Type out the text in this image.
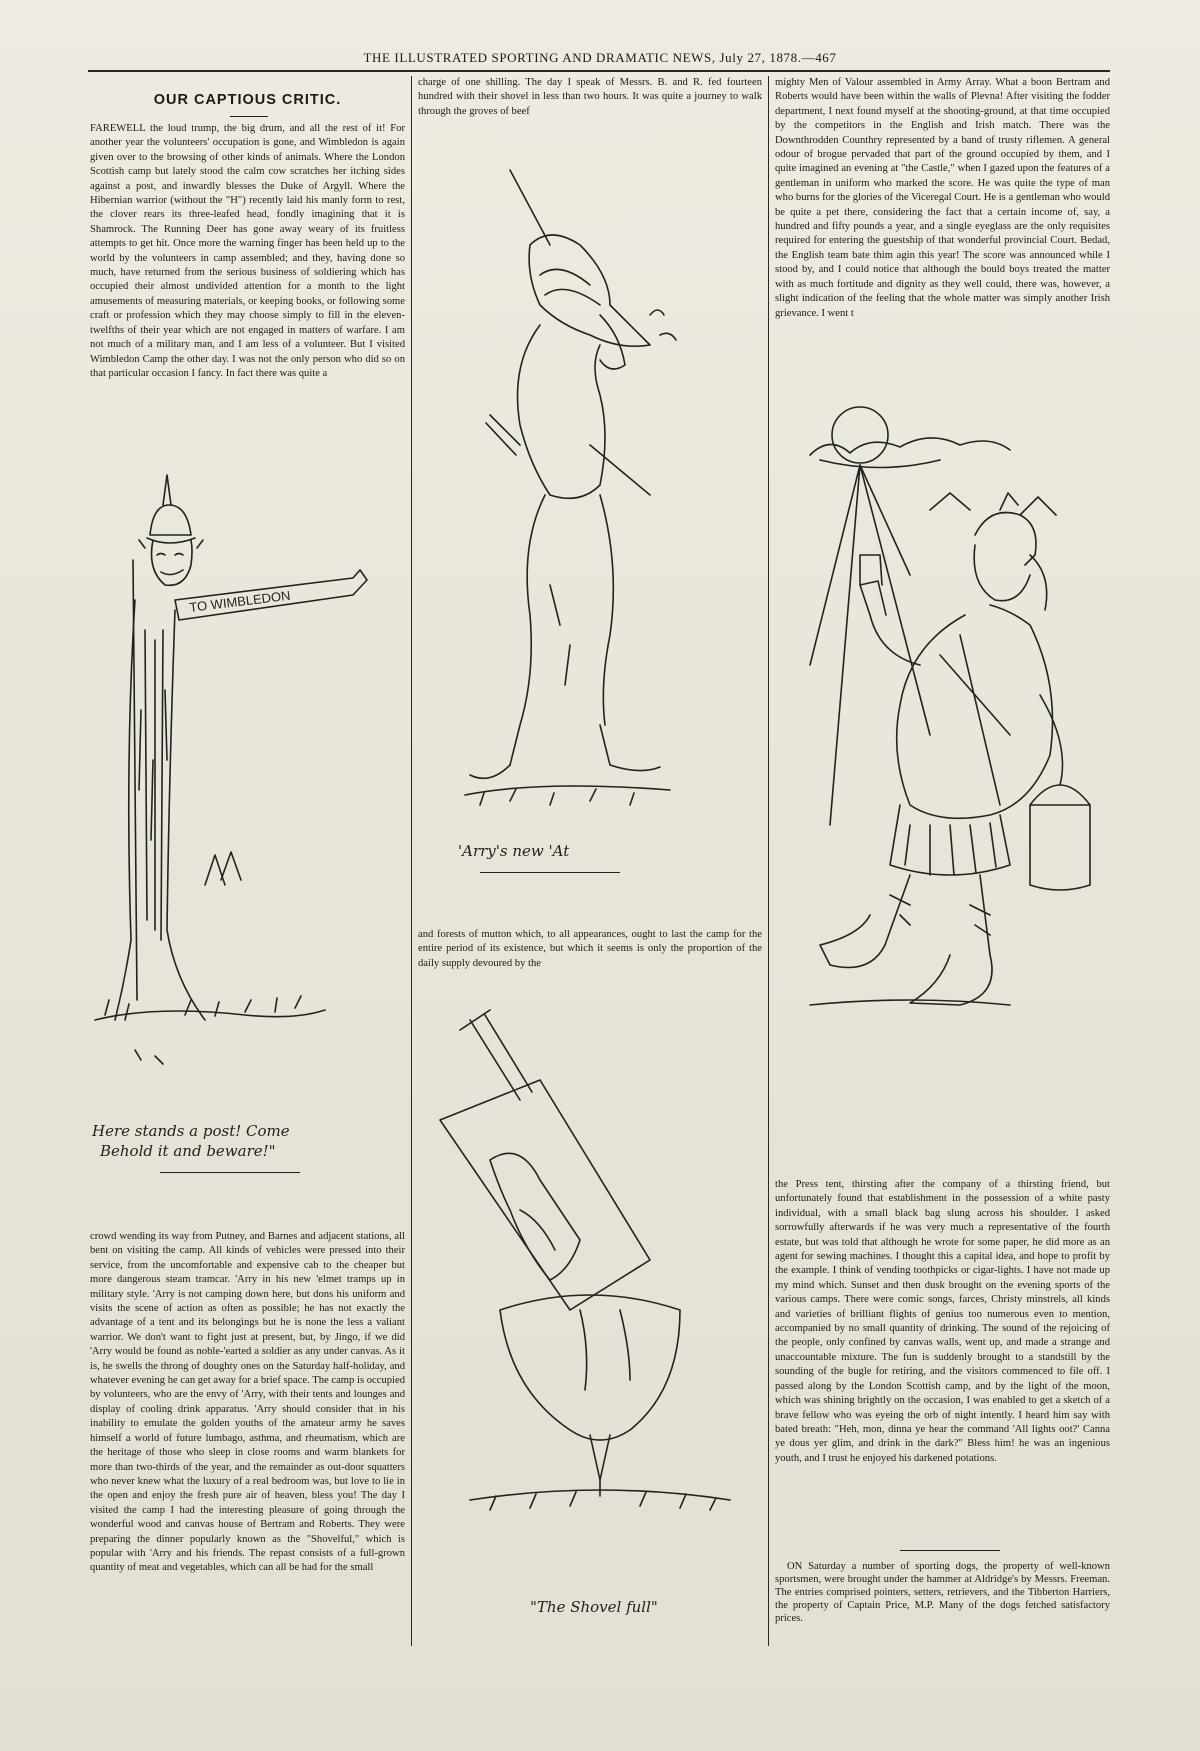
THE ILLUSTRATED SPORTING AND DRAMATIC NEWS, July 27, 1878.—467
OUR CAPTIOUS CRITIC.

FAREWELL the loud trump, the big drum, and all the rest of it! For another year the volunteers' occupation is gone, and Wimbledon is again given over to the browsing of other kinds of animals. Where the London Scottish camp but lately stood the calm cow scratches her itching sides against a post, and inwardly blesses the Duke of Argyll. Where the Hibernian warrior (without the "H") recently laid his manly form to rest, the clover rears its three-leafed head, fondly imagining that it is Shamrock. The Running Deer has gone away weary of its fruitless attempts to get hit. Once more the warning finger has been held up to the world by the volunteers in camp assembled; and they, having done so much, have returned from the serious business of soldiering which has occupied their almost undivided attention for a month to the light amusements of measuring materials, or keeping books, or following some craft or profession which they may choose simply to fill in the eleven-twelfths of their year which are not engaged in matters of warfare. I am not much of a military man, and I am less of a volunteer. But I visited Wimbledon Camp the other day. I was not the only person who did so on that particular occasion I fancy. In fact there was quite a

TO WIMBLEDON
Here stands a post! Come
Behold it and beware!"

crowd wending its way from Putney, and Barnes and adjacent stations, all bent on visiting the camp. All kinds of vehicles were pressed into their service, from the uncomfortable and expensive cab to the cheaper but more dangerous steam tramcar. 'Arry in his new 'elmet tramps up in military style. 'Arry is not camping down here, but dons his uniform and visits the scene of action as often as possible; he has not exactly the advantage of a tent and its belongings but he is none the less a valiant warrior. We don't want to fight just at present, but, by Jingo, if we did 'Arry would be found as noble-'earted a soldier as any under canvas. As it is, he swells the throng of doughty ones on the Saturday half-holiday, and whatever evening he can get away for a brief space. The camp is occupied by volunteers, who are the envy of 'Arry, with their tents and lounges and display of cooling drink apparatus. 'Arry should consider that in his inability to emulate the golden youths of the amateur army he saves himself a world of future lumbago, asthma, and rheumatism, which are the heritage of those who sleep in close rooms and warm blankets for more than two-thirds of the year, and the remainder as out-door squatters who never knew what the luxury of a real bedroom was, but love to lie in the open and enjoy the fresh pure air of heaven, bless you! The day I visited the camp I had the interesting pleasure of going through the wonderful wood and canvas house of Bertram and Roberts. They were preparing the dinner popularly known as the "Shovelful," which is popular with 'Arry and his friends. The repast consists of a full-grown quantity of meat and vegetables, which can all be had for the small

charge of one shilling. The day I speak of Messrs. B. and R. fed fourteen hundred with their shovel in less than two hours. It was quite a journey to walk through the groves of beef

'Arry's new 'At

and forests of mutton which, to all appearances, ought to last the camp for the entire period of its existence, but which it seems is only the proportion of the daily supply devoured by the

"The Shovel full"

mighty Men of Valour assembled in Army Array. What a boon Bertram and Roberts would have been within the walls of Plevna! After visiting the fodder department, I next found myself at the shooting-ground, at that time occupied by the competitors in the English and Irish match. There was the Downthrodden Counthry represented by a band of trusty riflemen. A general odour of brogue pervaded that part of the ground occupied by them, and I quite imagined an evening at "the Castle," when I gazed upon the features of a gentleman in uniform who marked the score. He was quite the type of man who burns for the glories of the Viceregal Court. He is a gentleman who would be quite a pet there, considering the fact that a certain income of, say, a hundred and fifty pounds a year, and a single eyeglass are the only requisites required for entering the guestship of that wonderful provincial Court. Bedad, the English team bate thim agin this year! The score was announced while I stood by, and I could notice that although the bould boys treated the matter with as much fortitude and dignity as they well could, there was, however, a slight indication of the feeling that the whole matter was simply another Irish grievance. I went t

the Press tent, thirsting after the company of a thirsting friend, but unfortunately found that establishment in the possession of a white pasty individual, with a small black bag slung across his shoulder. I asked sorrowfully afterwards if he was very much a representative of the fourth estate, but was told that although he wrote for some paper, he did more as an agent for sewing machines. I thought this a capital idea, and hope to profit by the example. I think of vending toothpicks or cigar-lights. I have not made up my mind which. Sunset and then dusk brought on the evening sports of the various camps. There were comic songs, farces, Christy minstrels, all kinds and varieties of brilliant flights of genius too numerous even to mention, accompanied by no small quantity of drinking. The sound of the rejoicing of the people, only confined by canvas walls, went up, and made a strange and unaccountable mixture. The fun is suddenly brought to a standstill by the sounding of the bugle for retiring, and the visitors commenced to file off. I passed along by the London Scottish camp, and by the light of the moon, which was shining brightly on the occasion, I was enabled to get a sketch of a brave fellow who was eyeing the orb of night intently. I heard him say with bated breath: "Heh, mon, dinna ye hear the command 'All lights oot?' Canna ye dous yer glim, and drink in the dark?" Bless him! he was an ingenious youth, and I trust he enjoyed his darkened potations.

ON Saturday a number of sporting dogs, the property of well-known sportsmen, were brought under the hammer at Aldridge's by Messrs. Freeman. The entries comprised pointers, setters, retrievers, and the Tibberton Harriers, the property of Captain Price, M.P. Many of the dogs fetched satisfactory prices.
